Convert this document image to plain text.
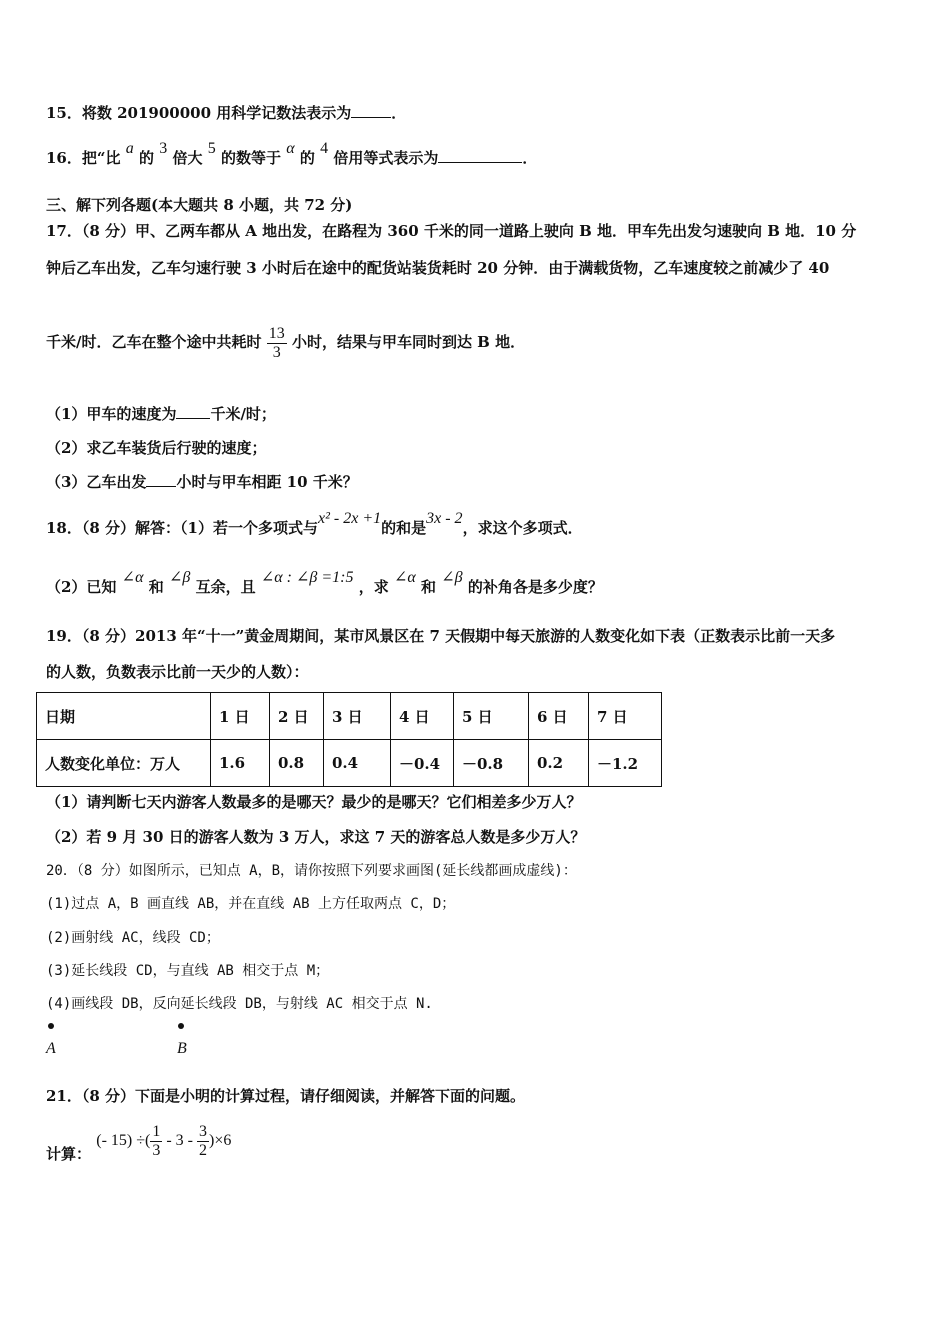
15．将数 201900000 用科学记数法表示为	．
16．把“比 a 的 3 倍大 5 的数等于 α 的 4 倍用等式表示为	．
三、解下列各题(本大题共 8 小题，共 72 分)
17．（8 分）甲、乙两车都从 A 地出发，在路程为 360 千米的同一道路上驶向 B 地．甲车先出发匀速驶向 B 地．10 分
钟后乙车出发，乙车匀速行驶 3 小时后在途中的配货站装货耗时 20 分钟．由于满载货物，乙车速度较之前减少了 40
千米/时．乙车在整个途中共耗时 $\frac{13}{3}$ 小时，结果与甲车同时到达 B 地．
（1）甲车的速度为 千米/时；
（2）求乙车装货后行驶的速度；
（3）乙车出发 小时与甲车相距 10 千米？
18．（8 分）解答：（1）若一个多项式与x² - 2x +1的和是3x - 2，求这个多项式．
（2）已知 ∠α 和 ∠β 互余，且 ∠α : ∠β =1:5 ，求 ∠α 和 ∠β 的补角各是多少度？
19．（8 分）2013 年“十一”黄金周期间，某市风景区在 7 天假期中每天旅游的人数变化如下表（正数表示比前一天多
的人数，负数表示比前一天少的人数）：
日期	1 日	2 日	3 日	4 日	5 日	6 日	7 日
人数变化单位：万人	1.6	0.8	0.4	－0.4	－0.8	0.2	－1.2
（1）请判断七天内游客人数最多的是哪天？最少的是哪天？它们相差多少万人？
（2）若 9 月 30 日的游客人数为 3 万人，求这 7 天的游客总人数是多少万人？
20．（8 分）如图所示，已知点 A，B，请你按照下列要求画图(延长线都画成虚线)：
(1)过点 A，B 画直线 AB，并在直线 AB 上方任取两点 C，D；
(2)画射线 AC，线段 CD；
(3)延长线段 CD，与直线 AB 相交于点 M；
(4)画线段 DB，反向延长线段 DB，与射线 AC 相交于点 N.
A	B
21．（8 分）下面是小明的计算过程，请仔细阅读，并解答下面的问题。
计算： (- 15) ÷( $\frac{1}{3} - 3 - \frac{3}{2} )\times 6$
